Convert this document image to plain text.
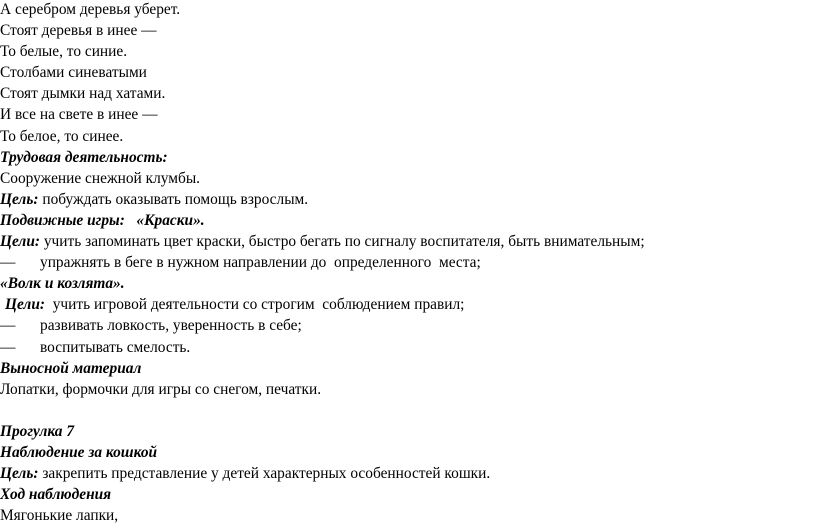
А серебром деревья уберет.
Стоят деревья в инее —
То белые, то синие.
Столбами синеватыми
Стоят дымки над хатами.
И все на свете в инее —
То белое, то синее.
Трудовая деятельность:
Сооружение снежной клумбы.
Цель: побуждать оказывать помощь взрослым.
Подвижные игры:   «Краски».
Цели: учить запоминать цвет краски, быстро бегать по сигналу воспитателя, быть внимательным;
— упражнять в беге в нужном направлении до  определенного  места;
«Волк и козлята».
Цели:  учить игровой деятельности со строгим  соблюдением правил;
— развивать ловкость, уверенность в себе;
— воспитывать смелость.
Выносной материал
Лопатки, формочки для игры со снегом, печатки.
Прогулка 7
Наблюдение за кошкой
Цель: закрепить представление у детей характерных особенностей кошки.
Ход наблюдения
Мягонькие лапки,
